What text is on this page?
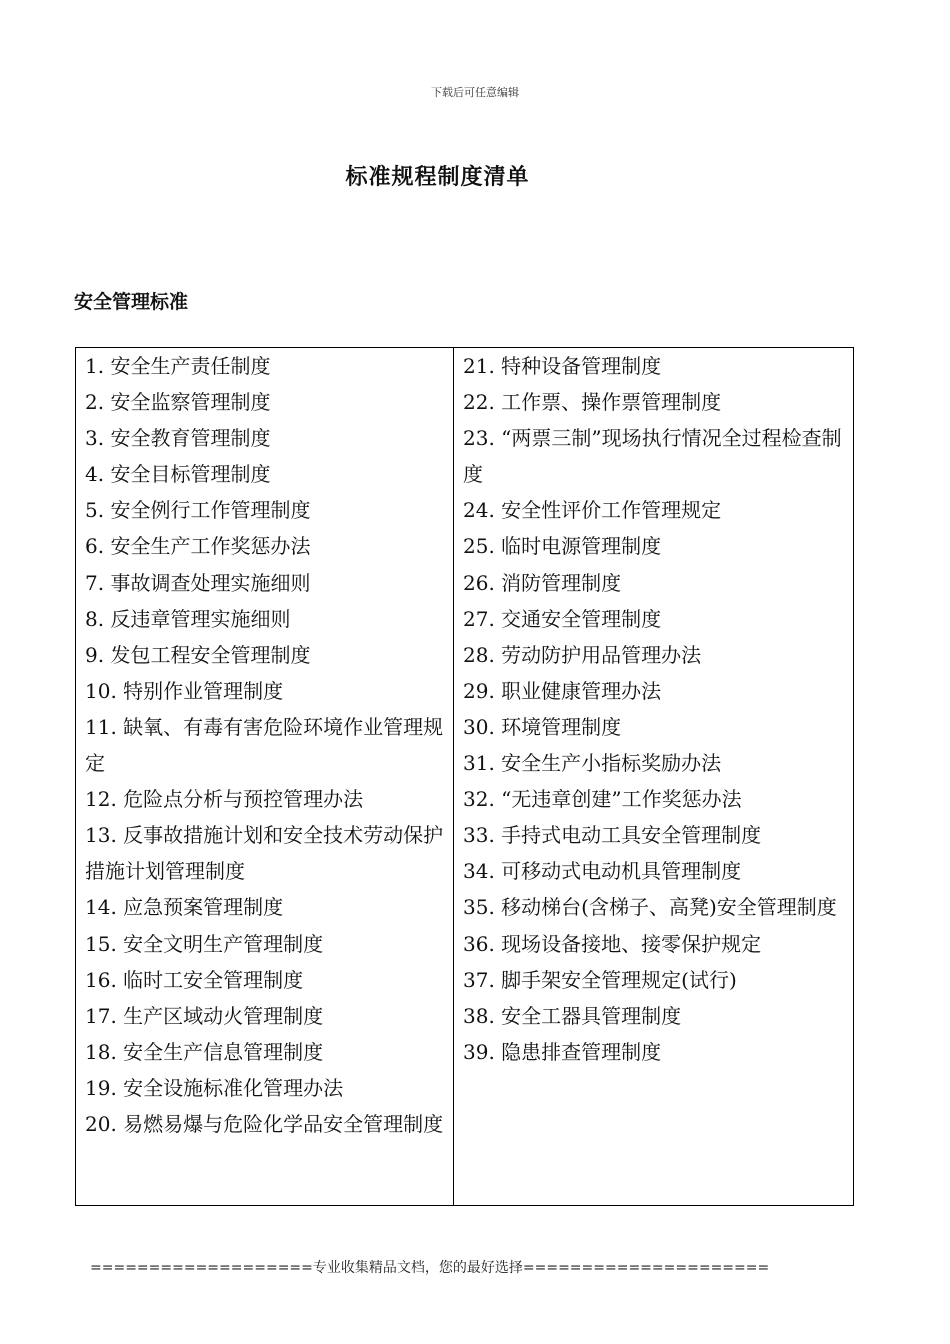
下载后可任意编辑
标准规程制度清单
安全管理标准
1. 安全生产责任制度
2. 安全监察管理制度
3. 安全教育管理制度
4. 安全目标管理制度
5. 安全例行工作管理制度
6. 安全生产工作奖惩办法
7. 事故调查处理实施细则
8. 反违章管理实施细则
9. 发包工程安全管理制度
10. 特别作业管理制度
11. 缺氧、有毒有害危险环境作业管理规定
12. 危险点分析与预控管理办法
13. 反事故措施计划和安全技术劳动保护措施计划管理制度
14. 应急预案管理制度
15. 安全文明生产管理制度
16. 临时工安全管理制度
17. 生产区域动火管理制度
18. 安全生产信息管理制度
19. 安全设施标准化管理办法
20. 易燃易爆与危险化学品安全管理制度

21. 特种设备管理制度
22. 工作票、操作票管理制度
23. “两票三制”现场执行情况全过程检查制度
24. 安全性评价工作管理规定
25. 临时电源管理制度
26. 消防管理制度
27. 交通安全管理制度
28. 劳动防护用品管理办法
29. 职业健康管理办法
30. 环境管理制度
31. 安全生产小指标奖励办法
32. “无违章创建”工作奖惩办法
33. 手持式电动工具安全管理制度
34. 可移动式电动机具管理制度
35. 移动梯台(含梯子、高凳)安全管理制度
36. 现场设备接地、接零保护规定
37. 脚手架安全管理规定(试行)
38. 安全工器具管理制度
39. 隐患排查管理制度
===================专业收集精品文档，您的最好选择=====================
